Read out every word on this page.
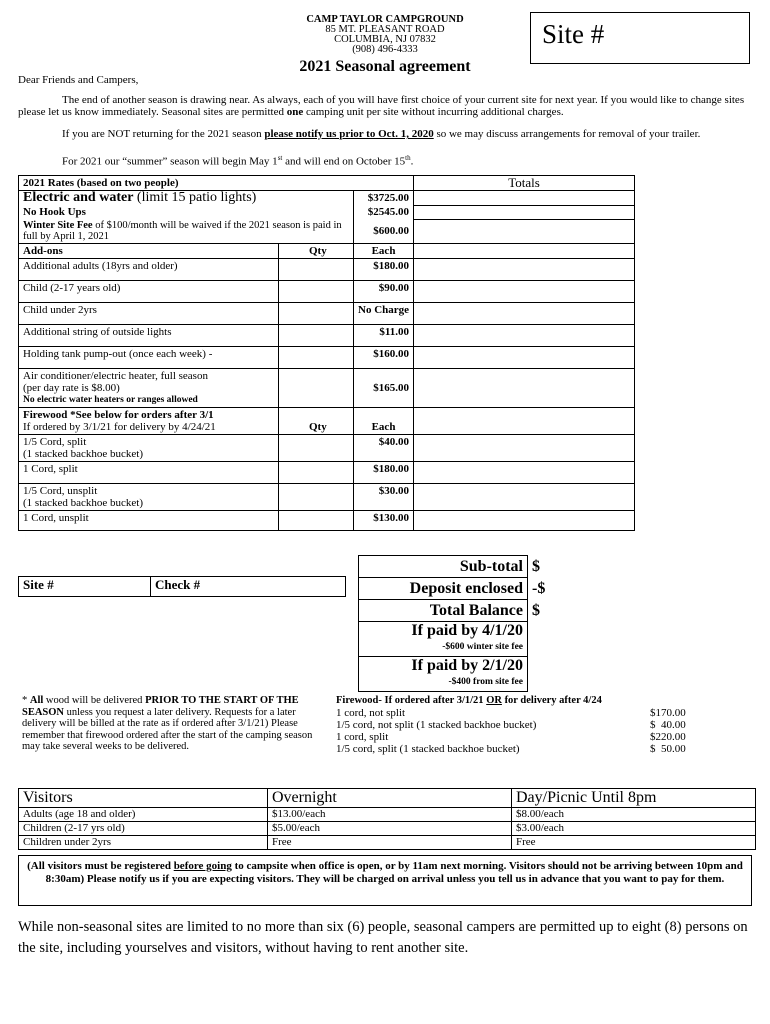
CAMP TAYLOR CAMPGROUND
85 MT. PLEASANT ROAD
COLUMBIA, NJ 07832
(908) 496-4333
Site #
2021 Seasonal agreement
Dear Friends and Campers,
The end of another season is drawing near. As always, each of you will have first choice of your current site for next year. If you would like to change sites please let us know immediately. Seasonal sites are permitted one camping unit per site without incurring additional charges.
If you are NOT returning for the 2021 season please notify us prior to Oct. 1, 2020 so we may discuss arrangements for removal of your trailer.
For 2021 our “summer” season will begin May 1st and will end on October 15th.
2021 Rates (based on two people)			Totals
Electric and water (limit 15 patio lights)		$3725.00	
No Hook Ups		$2545.00	
Winter Site Fee of $100/month will be waived if the 2021 season is paid in full by April 1, 2021		$600.00	
Add-ons	Qty	Each	
Additional adults (18yrs and older)		$180.00	
Child (2-17 years old)		$90.00	
Child under 2yrs		No Charge	
Additional string of outside lights		$11.00	
Holding tank pump-out (once each week) -		$160.00	

Air conditioner/electric heater, full season
(per day rate is $8.00)
No electric water heaters or ranges allowed		$165.00	

Firewood *See below for orders after 3/1
If ordered by 3/1/21 for delivery by 4/24/21	Qty	Each	

1/5 Cord, split
(1 stacked backhoe bucket)		$40.00	
1 Cord, split		$180.00	

1/5 Cord, unsplit
(1 stacked backhoe bucket)		$30.00	
1 Cord, unsplit		$130.00	
Site #	Check #
Sub-total	$
Deposit enclosed	-$
Total Balance	$

If paid by 4/1/20
-$600 winter site fee	

If paid by 2/1/20
-$400 from site fee	

* All wood will be delivered PRIOR TO THE START OF THE SEASON unless you request a later delivery. Requests for a later delivery will be billed at the rate as if ordered after 3/1/21) Please remember that firewood ordered after the start of the camping season may take several weeks to be delivered.
Firewood- If ordered after 3/1/21 OR for delivery after 4/24
1 cord, not split	$170.00
1/5 cord, not split (1 stacked backhoe bucket)	$  40.00
1 cord, split	$220.00
1/5 cord, split (1 stacked backhoe bucket)	$  50.00
Visitors	Overnight	Day/Picnic Until 8pm
Adults (age 18 and older)	$13.00/each	$8.00/each
Children (2-17 yrs old)	$5.00/each	$3.00/each
Children under 2yrs	Free	Free
(All visitors must be registered before going to campsite when office is open, or by 11am next morning. Visitors should not be arriving between 10pm and 8:30am) Please notify us if you are expecting visitors. They will be charged on arrival unless you tell us in advance that you want to pay for them.
While non-seasonal sites are limited to no more than six (6) people, seasonal campers are permitted up to eight (8) persons on the site, including yourselves and visitors, without having to rent another site.
